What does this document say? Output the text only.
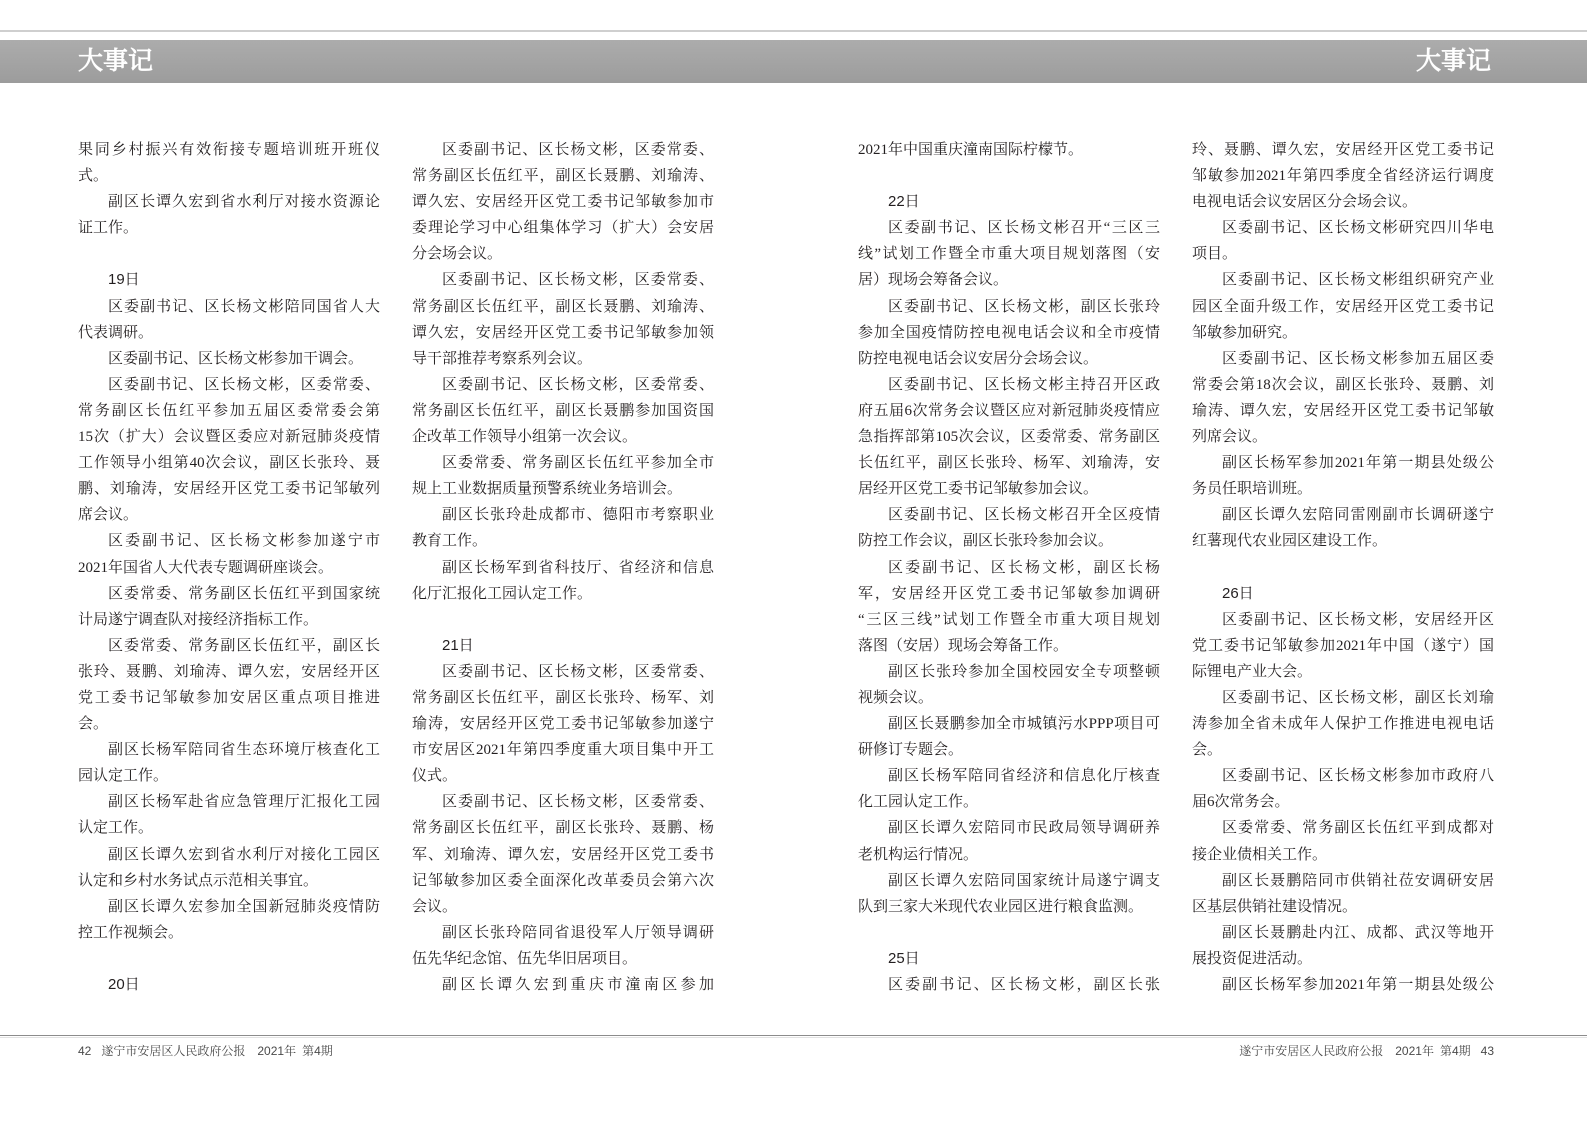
大事记	大事记
果同乡村振兴有效衔接专题培训班开班仪
式。
副区长谭久宏到省水利厅对接水资源论
证工作。
19日
区委副书记、区长杨文彬陪同国省人大
代表调研。
区委副书记、区长杨文彬参加干调会。
区委副书记、区长杨文彬，区委常委、
常务副区长伍红平参加五届区委常委会第
15次（扩大）会议暨区委应对新冠肺炎疫情
工作领导小组第40次会议，副区长张玲、聂
鹏、刘瑜涛，安居经开区党工委书记邹敏列
席会议。
区委副书记、区长杨文彬参加遂宁市
2021年国省人大代表专题调研座谈会。
区委常委、常务副区长伍红平到国家统
计局遂宁调查队对接经济指标工作。
区委常委、常务副区长伍红平，副区长
张玲、聂鹏、刘瑜涛、谭久宏，安居经开区
党工委书记邹敏参加安居区重点项目推进
会。
副区长杨军陪同省生态环境厅核查化工
园认定工作。
副区长杨军赴省应急管理厅汇报化工园
认定工作。
副区长谭久宏到省水利厅对接化工园区
认定和乡村水务试点示范相关事宜。
副区长谭久宏参加全国新冠肺炎疫情防
控工作视频会。
20日
区委副书记、区长杨文彬，区委常委、
常务副区长伍红平，副区长聂鹏、刘瑜涛、
谭久宏、安居经开区党工委书记邹敏参加市
委理论学习中心组集体学习（扩大）会安居
分会场会议。
区委副书记、区长杨文彬，区委常委、
常务副区长伍红平，副区长聂鹏、刘瑜涛、
谭久宏，安居经开区党工委书记邹敏参加领
导干部推荐考察系列会议。
区委副书记、区长杨文彬，区委常委、
常务副区长伍红平，副区长聂鹏参加国资国
企改革工作领导小组第一次会议。
区委常委、常务副区长伍红平参加全市
规上工业数据质量预警系统业务培训会。
副区长张玲赴成都市、德阳市考察职业
教育工作。
副区长杨军到省科技厅、省经济和信息
化厅汇报化工园认定工作。
21日
区委副书记、区长杨文彬，区委常委、
常务副区长伍红平，副区长张玲、杨军、刘
瑜涛，安居经开区党工委书记邹敏参加遂宁
市安居区2021年第四季度重大项目集中开工
仪式。
区委副书记、区长杨文彬，区委常委、
常务副区长伍红平，副区长张玲、聂鹏、杨
军、刘瑜涛、谭久宏，安居经开区党工委书
记邹敏参加区委全面深化改革委员会第六次
会议。
副区长张玲陪同省退役军人厅领导调研
伍先华纪念馆、伍先华旧居项目。
副区长谭久宏到重庆市潼南区参加
2021年中国重庆潼南国际柠檬节。
22日
区委副书记、区长杨文彬召开“三区三
线”试划工作暨全市重大项目规划落图（安
居）现场会筹备会议。
区委副书记、区长杨文彬，副区长张玲
参加全国疫情防控电视电话会议和全市疫情
防控电视电话会议安居分会场会议。
区委副书记、区长杨文彬主持召开区政
府五届6次常务会议暨区应对新冠肺炎疫情应
急指挥部第105次会议，区委常委、常务副区
长伍红平，副区长张玲、杨军、刘瑜涛，安
居经开区党工委书记邹敏参加会议。
区委副书记、区长杨文彬召开全区疫情
防控工作会议，副区长张玲参加会议。
区委副书记、区长杨文彬，副区长杨
军，安居经开区党工委书记邹敏参加调研
“三区三线”试划工作暨全市重大项目规划
落图（安居）现场会筹备工作。
副区长张玲参加全国校园安全专项整顿
视频会议。
副区长聂鹏参加全市城镇污水PPP项目可
研修订专题会。
副区长杨军陪同省经济和信息化厅核查
化工园认定工作。
副区长谭久宏陪同市民政局领导调研养
老机构运行情况。
副区长谭久宏陪同国家统计局遂宁调支
队到三家大米现代农业园区进行粮食监测。
25日
区委副书记、区长杨文彬，副区长张
玲、聂鹏、谭久宏，安居经开区党工委书记
邹敏参加2021年第四季度全省经济运行调度
电视电话会议安居区分会场会议。
区委副书记、区长杨文彬研究四川华电
项目。
区委副书记、区长杨文彬组织研究产业
园区全面升级工作，安居经开区党工委书记
邹敏参加研究。
区委副书记、区长杨文彬参加五届区委
常委会第18次会议，副区长张玲、聂鹏、刘
瑜涛、谭久宏，安居经开区党工委书记邹敏
列席会议。
副区长杨军参加2021年第一期县处级公
务员任职培训班。
副区长谭久宏陪同雷刚副市长调研遂宁
红薯现代农业园区建设工作。
26日
区委副书记、区长杨文彬，安居经开区
党工委书记邹敏参加2021年中国（遂宁）国
际锂电产业大会。
区委副书记、区长杨文彬，副区长刘瑜
涛参加全省未成年人保护工作推进电视电话
会。
区委副书记、区长杨文彬参加市政府八
届6次常务会。
区委常委、常务副区长伍红平到成都对
接企业债相关工作。
副区长聂鹏陪同市供销社莅安调研安居
区基层供销社建设情况。
副区长聂鹏赴内江、成都、武汉等地开
展投资促进活动。
副区长杨军参加2021年第一期县处级公
42 遂宁市安居区人民政府公报 2021年 第4期	遂宁市安居区人民政府公报 2021年 第4期 43
